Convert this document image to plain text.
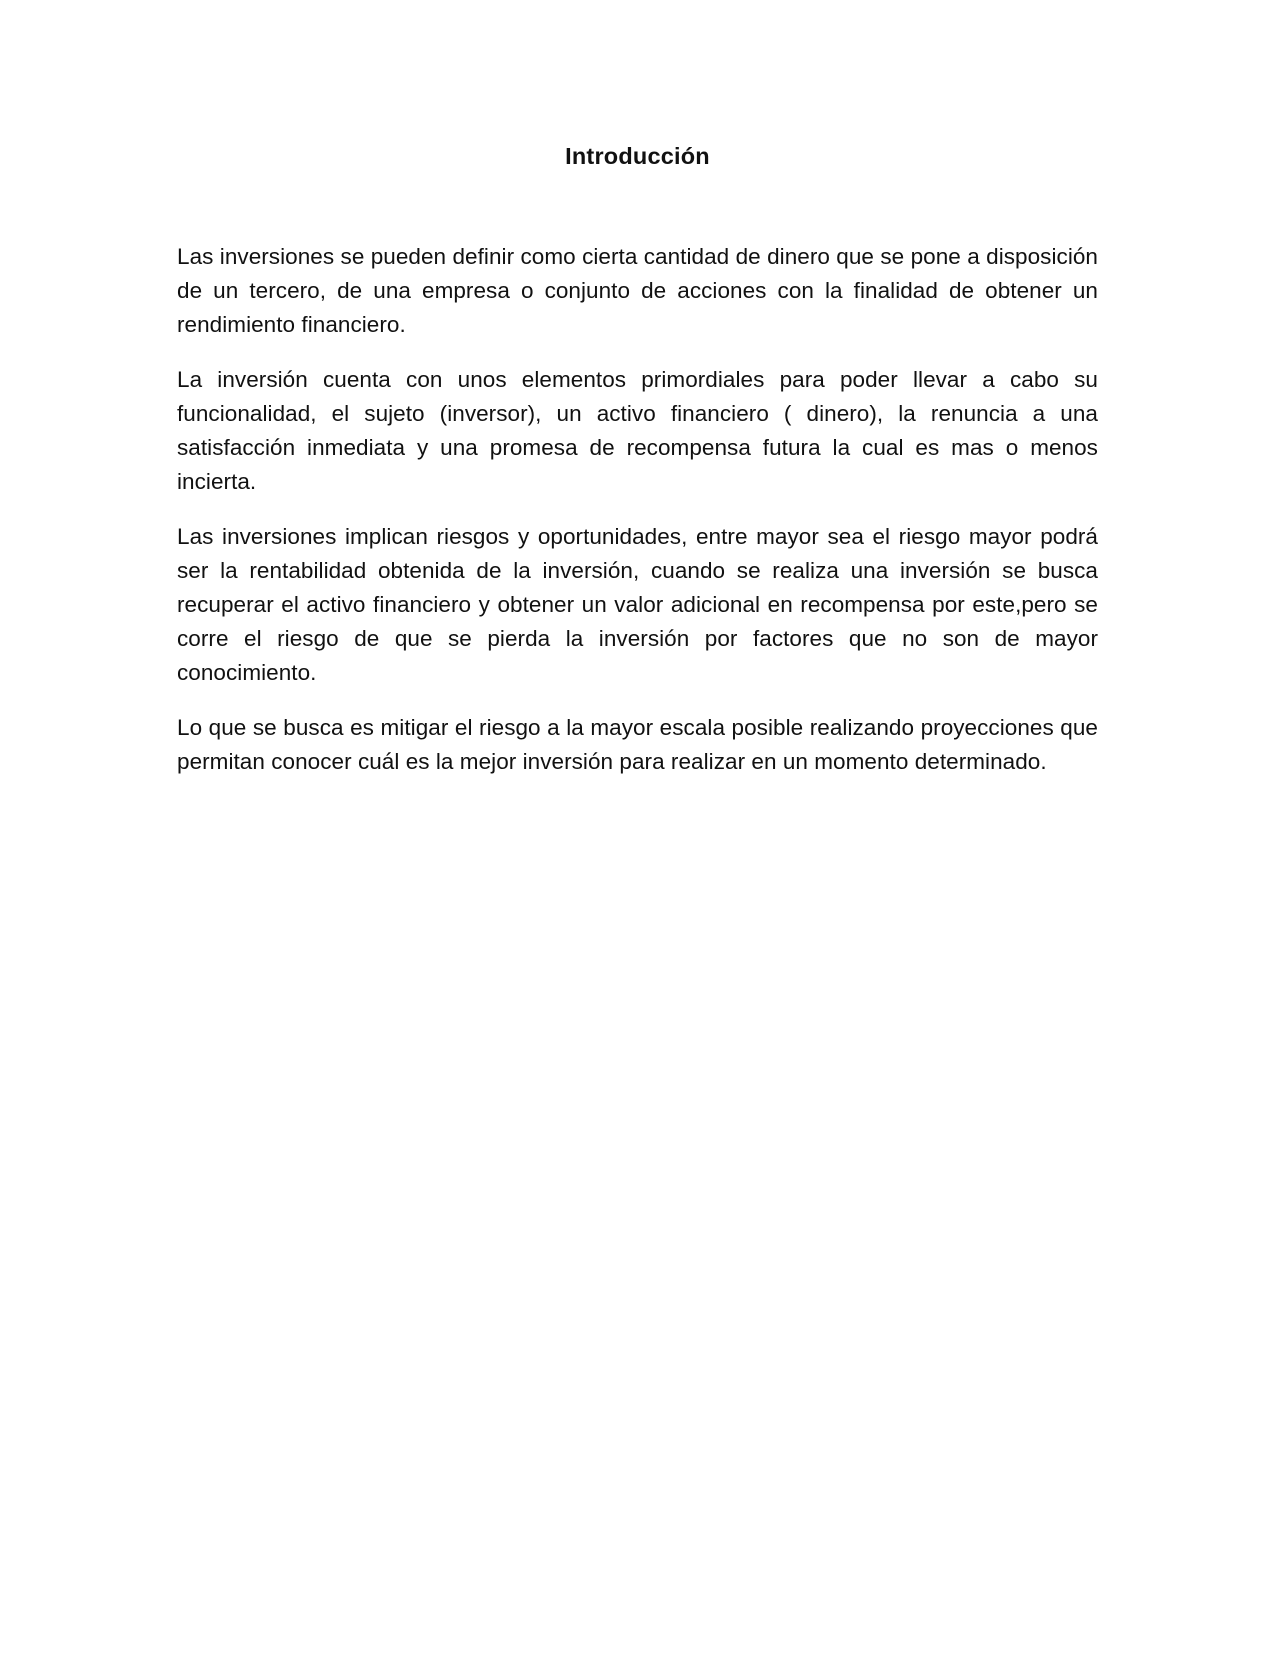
Introducción

Las inversiones se pueden definir como cierta cantidad de dinero que se pone a disposición de un tercero, de una empresa o conjunto de acciones con la finalidad de obtener un rendimiento financiero.

La inversión cuenta con unos elementos primordiales para poder llevar a cabo su funcionalidad, el sujeto (inversor), un activo financiero ( dinero), la renuncia a una satisfacción inmediata y una promesa de recompensa futura la cual es mas o menos incierta.

Las inversiones implican riesgos y oportunidades, entre mayor sea el riesgo mayor podrá ser la rentabilidad obtenida de la inversión, cuando se realiza una inversión se busca recuperar el activo financiero y obtener un valor adicional en recompensa por este,pero se corre el riesgo de que se pierda la inversión por factores que no son de mayor conocimiento.

Lo que se busca es mitigar el riesgo a la mayor escala posible realizando proyecciones que permitan conocer cuál es la mejor inversión para realizar en un momento determinado.
